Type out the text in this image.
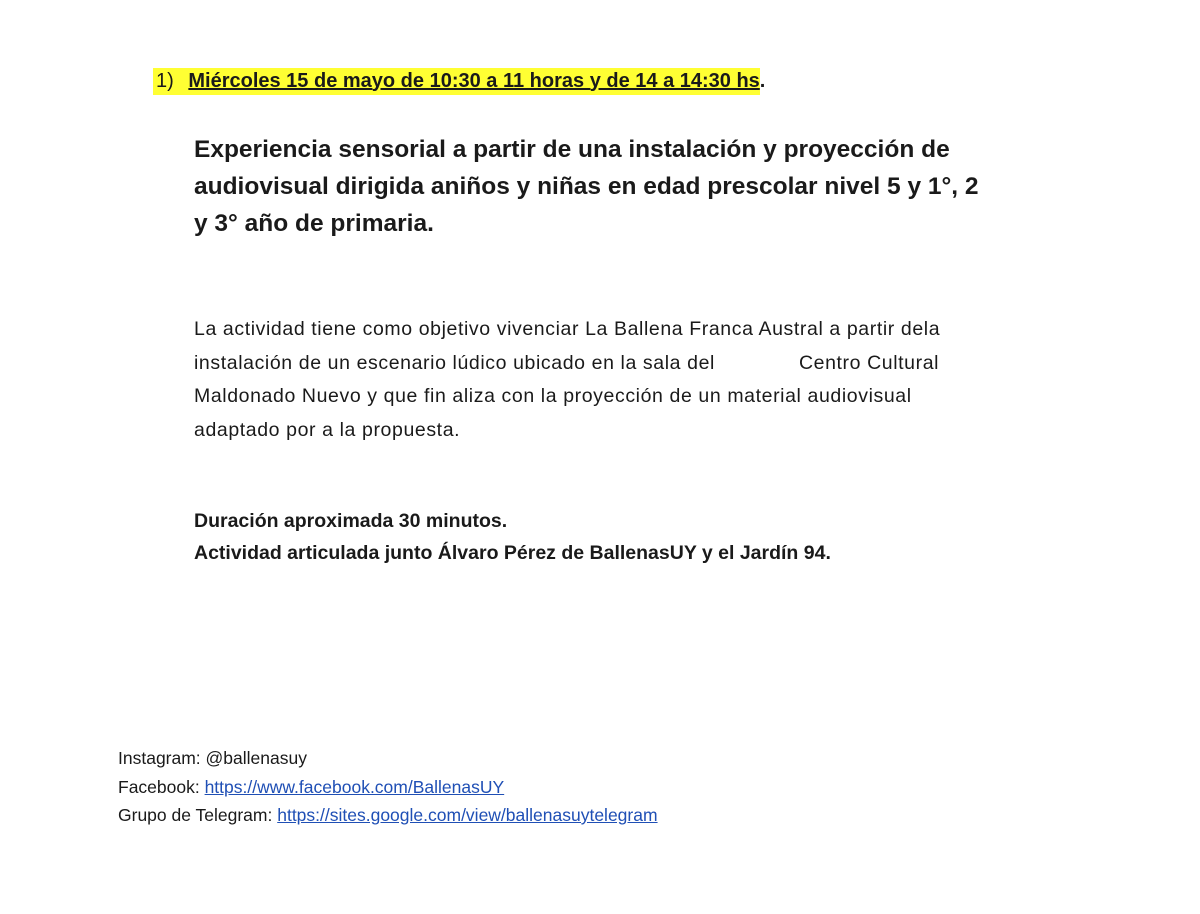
1)
Miércoles 15 de mayo de 10:30 a 11 horas y de 14 a 14:30 hs .
Experiencia sensorial a partir de una instalación y proyección de
audiovisual dirigida aniños y niñas en edad prescolar nivel 5 y 1°, 2
y 3° año de primaria.
La actividad tiene como objetivo vivenciar La Ballena Franca Austral a partir dela
instalación de un escenario lúdico ubicado en la sala del	Centro Cultural
Maldonado Nuevo y que fin aliza con la proyección de un material audiovisual
adaptado por a la propuesta.
Duración aproximada 30 minutos.
Actividad articulada junto Álvaro Pérez de BallenasUY y el Jardín 94.
Instagram: @ballenasuy
Facebook: https://www.facebook.com/BallenasUY
Grupo de Telegram: https://sites.google.com/view/ballenasuytelegram
